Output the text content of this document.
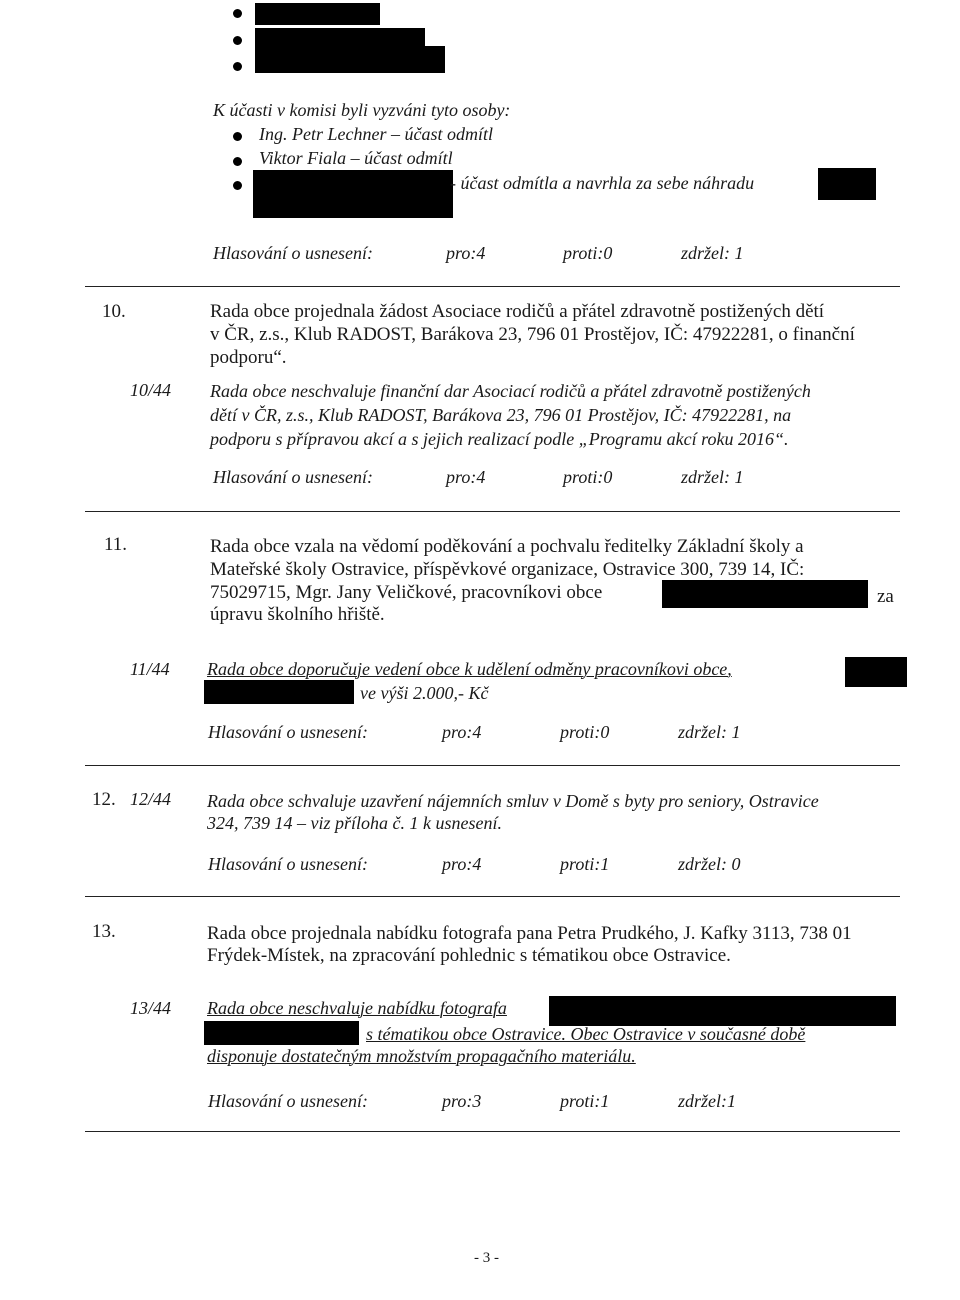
K účasti v komisi byli vyzváni tyto osoby:
Ing. Petr Lechner – účast odmítl
Viktor Fiala – účast odmítl
- účast odmítla a navrhla za sebe náhradu
Hlasování o usnesení:	pro:4	proti:0	zdržel: 1
10.	Rada obce projednala žádost Asociace rodičů a přátel zdravotně postižených dětí
v ČR, z.s., Klub RADOST, Barákova 23, 796 01 Prostějov, IČ: 47922281, o finanční
podporu“.
10/44 Rada obce neschvaluje finanční dar Asociací rodičů a přátel zdravotně postižených
dětí v ČR, z.s., Klub RADOST, Barákova 23, 796 01 Prostějov, IČ: 47922281, na
podporu s přípravou akcí a s jejich realizací podle „Programu akcí roku 2016“.
Hlasování o usnesení:	pro:4	proti:0	zdržel: 1
11.	Rada obce vzala na vědomí poděkování a pochvalu ředitelky Základní školy a
Mateřské školy Ostravice, příspěvkové organizace, Ostravice 300, 739 14, IČ:
75029715, Mgr. Jany Veličkové, pracovníkovi obce	za
úpravu školního hřiště.
11/44 Rada obce doporučuje vedení obce k udělení odměny pracovníkovi obce,
ve výši 2.000,- Kč
Hlasování o usnesení:	pro:4	proti:0	zdržel: 1
12. 12/44 Rada obce schvaluje uzavření nájemních smluv v Domě s byty pro seniory, Ostravice
324, 739 14 – viz příloha č. 1 k usnesení.
Hlasování o usnesení:	pro:4	proti:1	zdržel: 0
13.	Rada obce projednala nabídku fotografa pana Petra Prudkého, J. Kafky 3113, 738 01
Frýdek-Místek, na zpracování pohlednic s tématikou obce Ostravice.
13/44 Rada obce neschvaluje nabídku fotografa
s tématikou obce Ostravice. Obec Ostravice v současné době
disponuje dostatečným množstvím propagačního materiálu.
Hlasování o usnesení:	pro:3	proti:1	zdržel:1
- 3 -
